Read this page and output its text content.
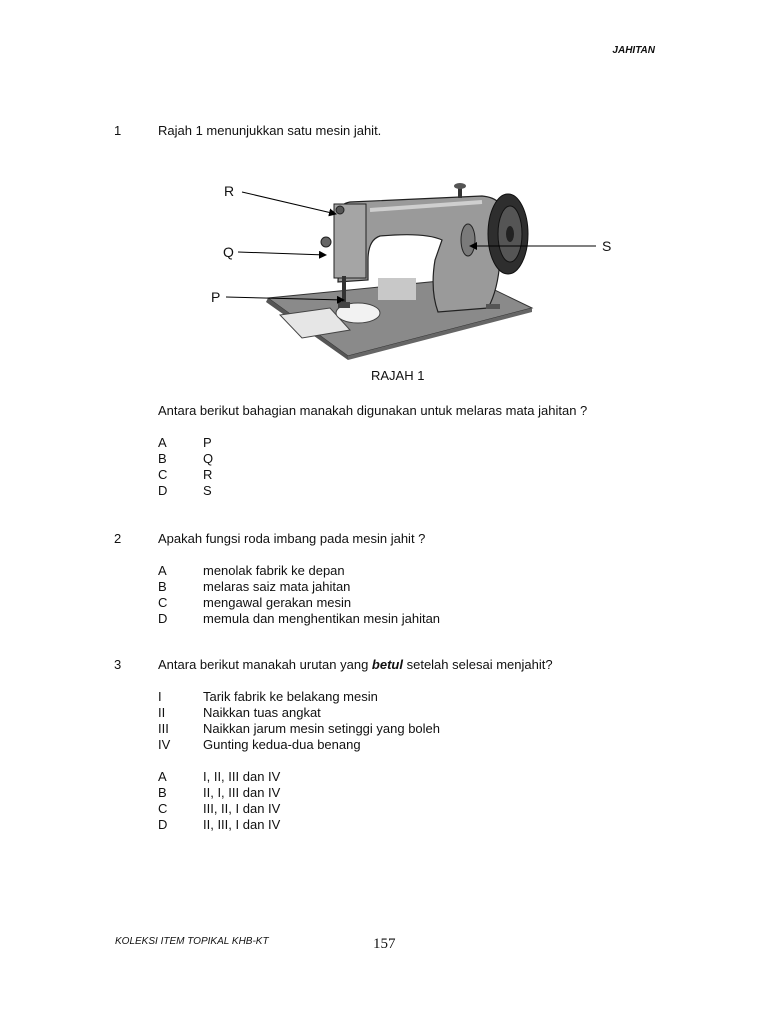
JAHITAN
1	Rajah 1 menunjukkan satu mesin jahit.
R
Q
P
S
RAJAH 1
Antara berikut bahagian manakah digunakan untuk melaras mata jahitan ?
A	P
B	Q
C	R
D	S
2	Apakah fungsi roda imbang pada mesin jahit ?
A	menolak fabrik ke depan
B	melaras saiz mata jahitan
C	mengawal gerakan mesin
D	memula dan menghentikan mesin jahitan
3	Antara berikut manakah urutan yang betul setelah selesai menjahit?
I	Tarik fabrik ke belakang mesin
II	Naikkan tuas angkat
III	Naikkan jarum mesin setinggi yang boleh
IV	Gunting kedua-dua benang
A	I, II, III dan IV
B	II, I, III dan IV
C	III, II, I dan IV
D	II, III, I dan IV
KOLEKSI ITEM TOPIKAL KHB-KT	157
